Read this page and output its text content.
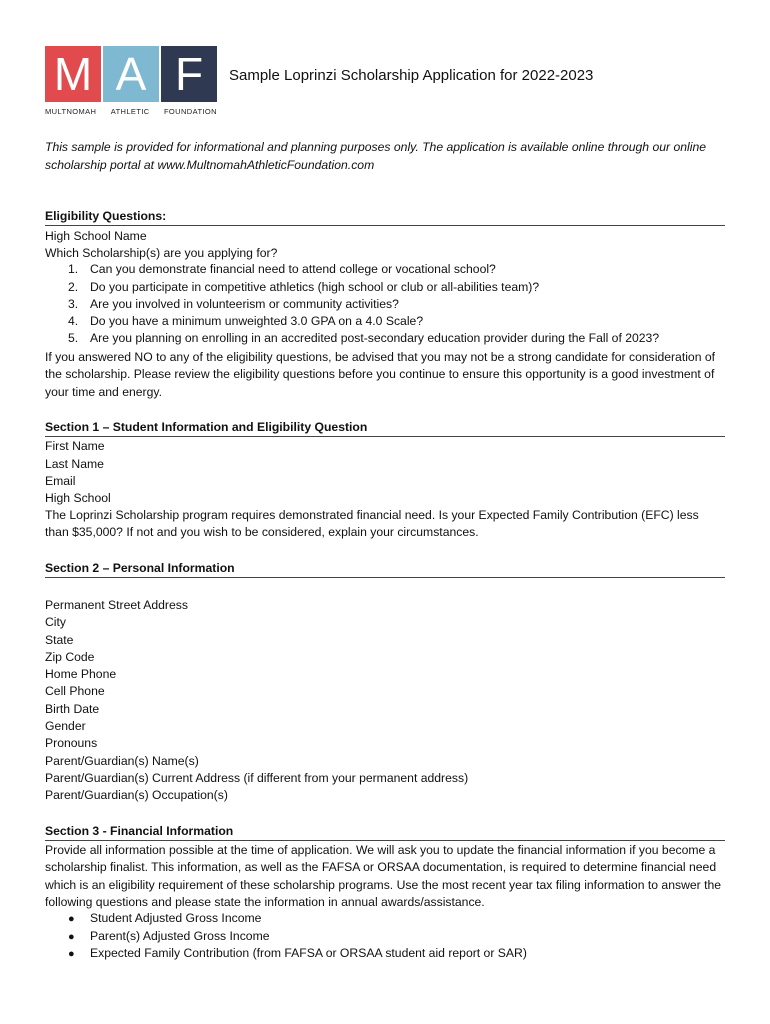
M A F
MULTNOMAH ATHLETIC FOUNDATION
Sample Loprinzi Scholarship Application for 2022-2023
This sample is provided for informational and planning purposes only. The application is available online through our online scholarship portal at www.MultnomahAthleticFoundation.com
Eligibility Questions:
High School Name
Which Scholarship(s) are you applying for?
1. Can you demonstrate financial need to attend college or vocational school?
2. Do you participate in competitive athletics (high school or club or all-abilities team)?
3. Are you involved in volunteerism or community activities?
4. Do you have a minimum unweighted 3.0 GPA on a 4.0 Scale?
5. Are you planning on enrolling in an accredited post-secondary education provider during the Fall of 2023?
If you answered NO to any of the eligibility questions, be advised that you may not be a strong candidate for consideration of the scholarship. Please review the eligibility questions before you continue to ensure this opportunity is a good investment of your time and energy.
Section 1 – Student Information and Eligibility Question
First Name
Last Name
Email
High School
The Loprinzi Scholarship program requires demonstrated financial need. Is your Expected Family Contribution (EFC) less than $35,000? If not and you wish to be considered, explain your circumstances.
Section 2 – Personal Information
Permanent Street Address
City
State
Zip Code
Home Phone
Cell Phone
Birth Date
Gender
Pronouns
Parent/Guardian(s) Name(s)
Parent/Guardian(s) Current Address (if different from your permanent address)
Parent/Guardian(s) Occupation(s)
Section 3 - Financial Information
Provide all information possible at the time of application. We will ask you to update the financial information if you become a scholarship finalist. This information, as well as the FAFSA or ORSAA documentation, is required to determine financial need which is an eligibility requirement of these scholarship programs. Use the most recent year tax filing information to answer the following questions and please state the information in annual awards/assistance.
● Student Adjusted Gross Income
● Parent(s) Adjusted Gross Income
● Expected Family Contribution (from FAFSA or ORSAA student aid report or SAR)
